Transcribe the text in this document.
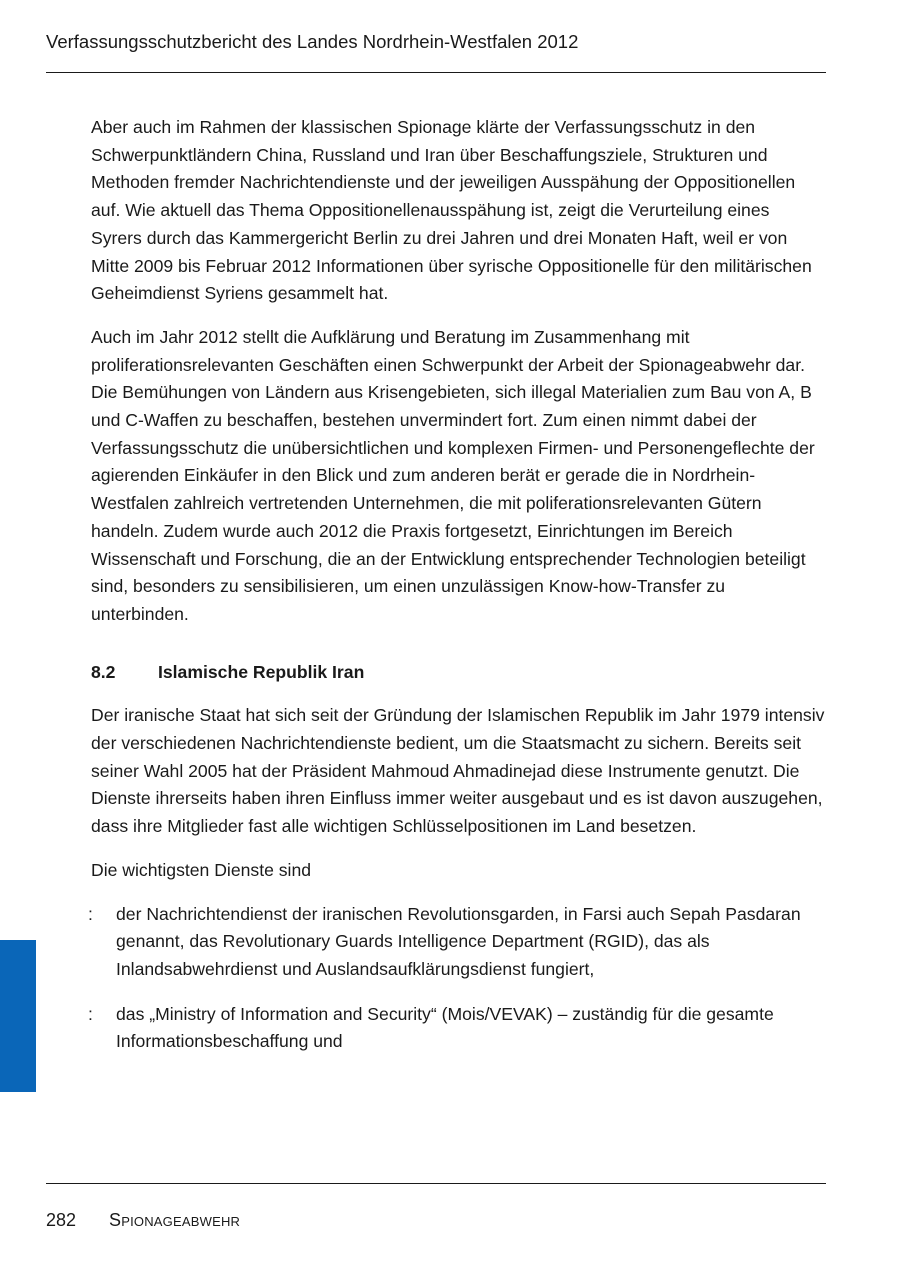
Verfassungsschutzbericht des Landes Nordrhein-Westfalen 2012

Aber auch im Rahmen der klassischen Spionage klärte der Verfassungsschutz in den Schwerpunktländern China, Russland und Iran über Beschaffungsziele, Strukturen und Methoden fremder Nachrichtendienste und der jeweiligen Ausspähung der Oppositionellen auf. Wie aktuell das Thema Oppositionellenausspähung ist, zeigt die Verurteilung eines Syrers durch das Kammergericht Berlin zu drei Jahren und drei Monaten Haft, weil er von Mitte 2009 bis Februar 2012 Informationen über syrische Oppositionelle für den militärischen Geheimdienst Syriens gesammelt hat.

Auch im Jahr 2012 stellt die Aufklärung und Beratung im Zusammenhang mit proliferationsrelevanten Geschäften einen Schwerpunkt der Arbeit der Spionageabwehr dar. Die Bemühungen von Ländern aus Krisengebieten, sich illegal Materialien zum Bau von A, B und C-Waffen zu beschaffen, bestehen unvermindert fort. Zum einen nimmt dabei der Verfassungsschutz die unübersichtlichen und komplexen Firmen- und Personengeflechte der agierenden Einkäufer in den Blick und zum anderen berät er gerade die in Nordrhein-Westfalen zahlreich vertretenden Unternehmen, die mit poliferationsrelevanten Gütern handeln. Zudem wurde auch 2012 die Praxis fortgesetzt, Einrichtungen im Bereich Wissenschaft und Forschung, die an der Entwicklung entsprechender Technologien beteiligt sind, besonders zu sensibilisieren, um einen unzulässigen Know-how-Transfer zu unterbinden.

8.2	Islamische Republik Iran

Der iranische Staat hat sich seit der Gründung der Islamischen Republik im Jahr 1979 intensiv der verschiedenen Nachrichtendienste bedient, um die Staatsmacht zu sichern. Bereits seit seiner Wahl 2005 hat der Präsident Mahmoud Ahmadinejad diese Instrumente genutzt. Die Dienste ihrerseits haben ihren Einfluss immer weiter ausgebaut und es ist davon auszugehen, dass ihre Mitglieder fast alle wichtigen Schlüsselpositionen im Land besetzen.

Die wichtigsten Dienste sind

:	der Nachrichtendienst der iranischen Revolutionsgarden, in Farsi auch Sepah Pasdaran genannt, das Revolutionary Guards Intelligence Department (RGID), das als Inlandsabwehrdienst und Auslandsaufklärungsdienst fungiert,
:	das „Ministry of Information and Security“ (Mois/VEVAK) – zuständig für die gesamte Informationsbeschaffung und
282 Spionageabwehr
